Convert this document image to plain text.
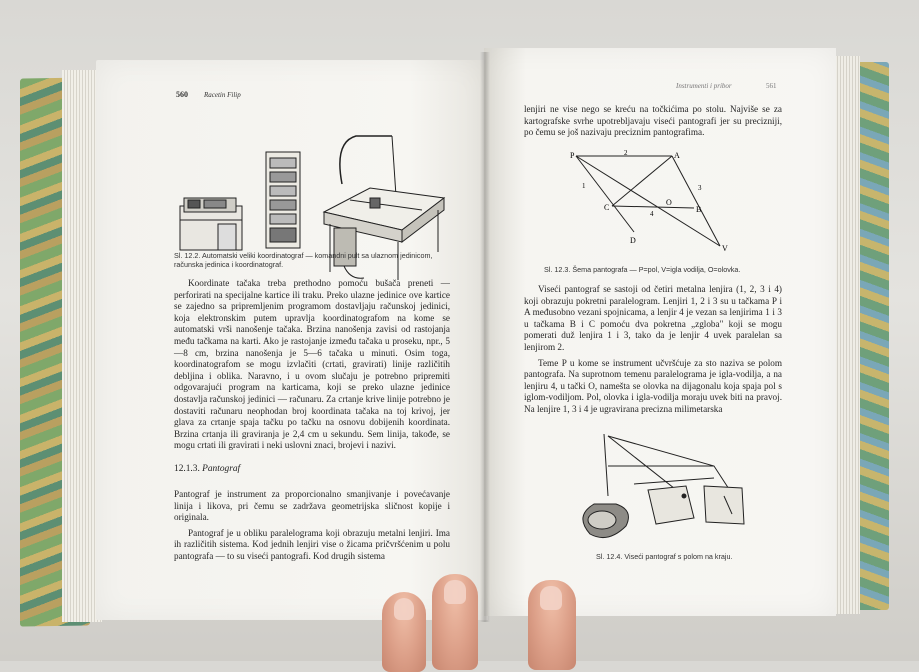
560 Racetin Filip
Sl. 12.2. Automatski veliki koordinatograf — komandni pult sa ulaznom jedinicom, računska jedinica i koordinatograf.

Koordinate tačaka treba prethodno pomoću bušača preneti — perforirati na specijalne kartice ili traku. Preko ulazne jedinice ove kartice se zajedno sa pripremljenim programom dostavljaju računskoj jedinici, koja elektronskim putem upravlja koordinatografom na kome se automatski vrši nanošenje tačaka. Brzina nanošenja zavisi od rastojanja među tačkama na karti. Ako je rastojanje između tačaka u proseku, npr., 5—8 cm, brzina nanošenja je 5—6 tačaka u minuti. Osim toga, koordinatografom se mogu izvlačiti (crtati, gravirati) linije različitih debljina i oblika. Naravno, i u ovom slučaju je potrebno pripremiti odgovarajući program na karticama, koji se preko ulazne jedinice dostavlja računskoj jedinici — računaru. Za crtanje krive linije potrebno je dostaviti računaru neophodan broj koordinata tačaka na toj krivoj, jer glava za crtanje spaja tačku po tačku na osnovu dobijenih koordinata. Brzina crtanja ili graviranja je 2,4 cm u sekundu. Sem linija, takođe, se mogu crtati ili gravirati i neki uslovni znaci, brojevi i nazivi.

12.1.3. Pantograf

Pantograf je instrument za proporcionalno smanjivanje i povećavanje linija i likova, pri čemu se zadržava geometrijska sličnost kopije i originala.

Pantograf je u obliku paralelograma koji obrazuju metalni lenjiri. Ima ih različitih sistema. Kod jednih lenjiri vise o žicama pričvršćenim u polu pantografa — to su viseći pantografi. Kod drugih sistema

Instrumenti i pribor	561
lenjiri ne vise nego se kreću na točkićima po stolu. Najviše se za kartografske svrhe upotrebljavaju viseći pantografi jer su precizniji, po čemu se još nazivaju preciznim pantografima.
P	A
C
O
B
D
V
1
2
3
4
Sl. 12.3. Šema pantografa — P=pol, V=igla vodilja, O=olovka.

Viseći pantograf se sastoji od četiri metalna lenjira (1, 2, 3 i 4) koji obrazuju pokretni paralelogram. Lenjiri 1, 2 i 3 su u tačkama P i A međusobno vezani spojnicama, a lenjir 4 je vezan sa lenjirima 1 i 3 u tačkama B i C pomoću dva pokretna „zgloba" koji se mogu pomerati duž lenjira 1 i 3, tako da je lenjir 4 uvek paralelan sa lenjirom 2.

Teme P u kome se instrument učvršćuje za sto naziva se polom pantografa. Na suprotnom temenu paralelograma je igla-vodilja, a na lenjiru 4, u tački O, namešta se olovka na dijagonalu koja spaja pol s iglom-vodiljom. Pol, olovka i igla-vodilja moraju uvek biti na pravoj. Na lenjire 1, 3 i 4 je ugravirana precizna milimetarska

Sl. 12.4. Viseći pantograf s polom na kraju.
